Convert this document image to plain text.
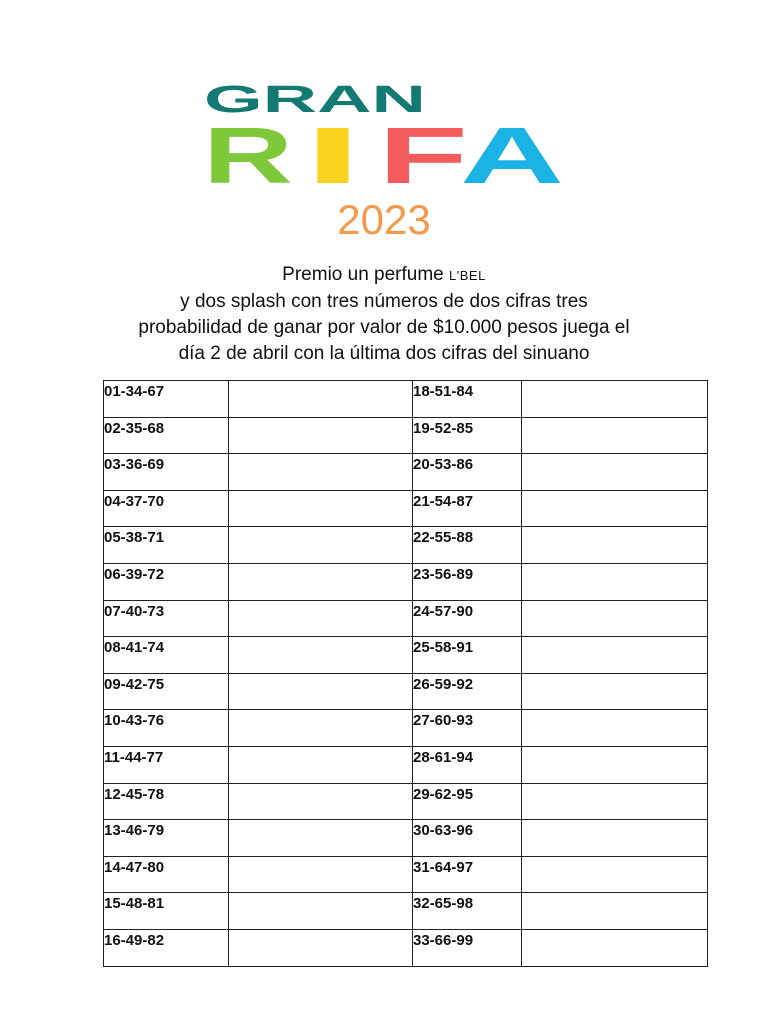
GRAN
R I F
A
2023
Premio un perfume L'BEL
y dos splash con tres números de dos cifras tres
probabilidad de ganar por valor de $10.000 pesos juega el
día 2 de abril con la última dos cifras del sinuano
01-34-67		18-51-84	
02-35-68		19-52-85	
03-36-69		20-53-86	
04-37-70		21-54-87	
05-38-71		22-55-88	
06-39-72		23-56-89	
07-40-73		24-57-90	
08-41-74		25-58-91	
09-42-75		26-59-92	
10-43-76		27-60-93	
11-44-77		28-61-94	
12-45-78		29-62-95	
13-46-79		30-63-96	
14-47-80		31-64-97	
15-48-81		32-65-98	
16-49-82		33-66-99	
